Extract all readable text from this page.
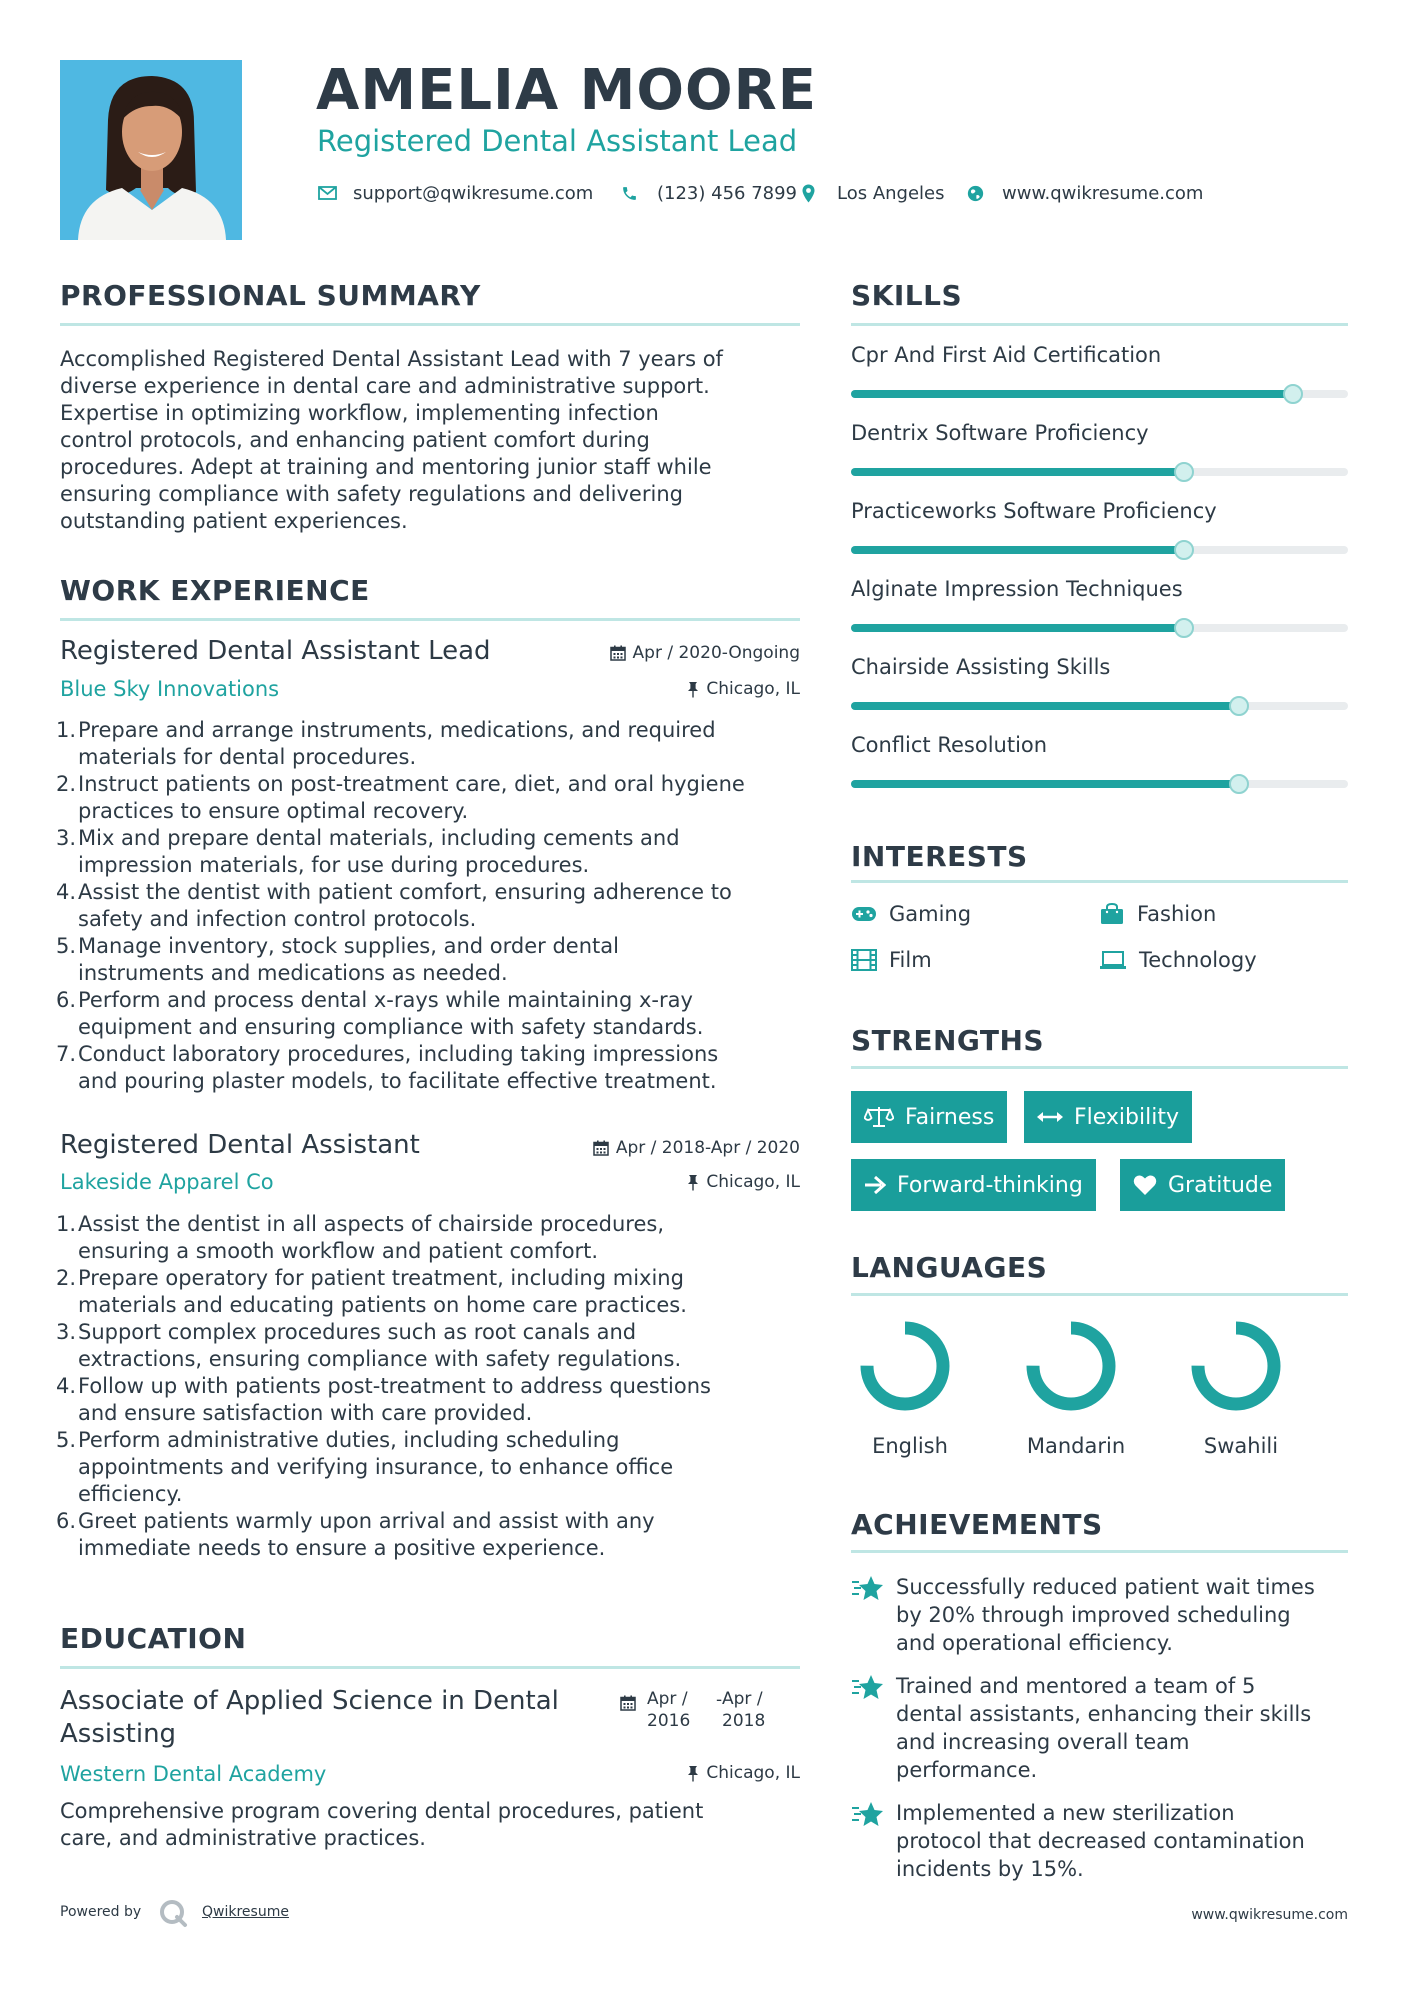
AMELIA MOORE
Registered Dental Assistant Lead
support@qwikresume.com	(123) 456 7899 Los Angeles	www.qwikresume.com
PROFESSIONAL SUMMARY
Accomplished Registered Dental Assistant Lead with 7 years of
diverse experience in dental care and administrative support.
Expertise in optimizing workflow, implementing infection
control protocols, and enhancing patient comfort during
procedures. Adept at training and mentoring junior staff while
ensuring compliance with safety regulations and delivering
outstanding patient experiences.
WORK EXPERIENCE
Registered Dental Assistant Lead	Apr / 2020-Ongoing
Blue Sky Innovations	Chicago, IL
1. Prepare and arrange instruments, medications, and required
materials for dental procedures.
2. Instruct patients on post-treatment care, diet, and oral hygiene
practices to ensure optimal recovery.
3. Mix and prepare dental materials, including cements and
impression materials, for use during procedures.
4. Assist the dentist with patient comfort, ensuring adherence to
safety and infection control protocols.
5. Manage inventory, stock supplies, and order dental
instruments and medications as needed.
6. Perform and process dental x-rays while maintaining x-ray
equipment and ensuring compliance with safety standards.
7. Conduct laboratory procedures, including taking impressions
and pouring plaster models, to facilitate effective treatment.
Registered Dental Assistant	Apr / 2018-Apr / 2020
Lakeside Apparel Co	Chicago, IL
1. Assist the dentist in all aspects of chairside procedures,
ensuring a smooth workflow and patient comfort.
2. Prepare operatory for patient treatment, including mixing
materials and educating patients on home care practices.
3. Support complex procedures such as root canals and
extractions, ensuring compliance with safety regulations.
4. Follow up with patients post-treatment to address questions
and ensure satisfaction with care provided.
5. Perform administrative duties, including scheduling
appointments and verifying insurance, to enhance office
efficiency.
6. Greet patients warmly upon arrival and assist with any
immediate needs to ensure a positive experience.
EDUCATION
Associate of Applied Science in Dental
Assisting
Apr /
2016
- Apr /
2018
Western Dental Academy	Chicago, IL
Comprehensive program covering dental procedures, patient
care, and administrative practices.
Powered by	Qwikresume	www.qwikresume.com
SKILLS
Cpr And First Aid Certification
Dentrix Software Proficiency
Practiceworks Software Proficiency
Alginate Impression Techniques
Chairside Assisting Skills
Conflict Resolution
INTERESTS
Gaming	Fashion
Film	Technology
STRENGTHS
Fairness	Flexibility
Forward-thinking	Gratitude
LANGUAGES
English	Mandarin	Swahili
ACHIEVEMENTS
Successfully reduced patient wait times
by 20% through improved scheduling
and operational efficiency.
Trained and mentored a team of 5
dental assistants, enhancing their skills
and increasing overall team
performance.
Implemented a new sterilization
protocol that decreased contamination
incidents by 15%.
